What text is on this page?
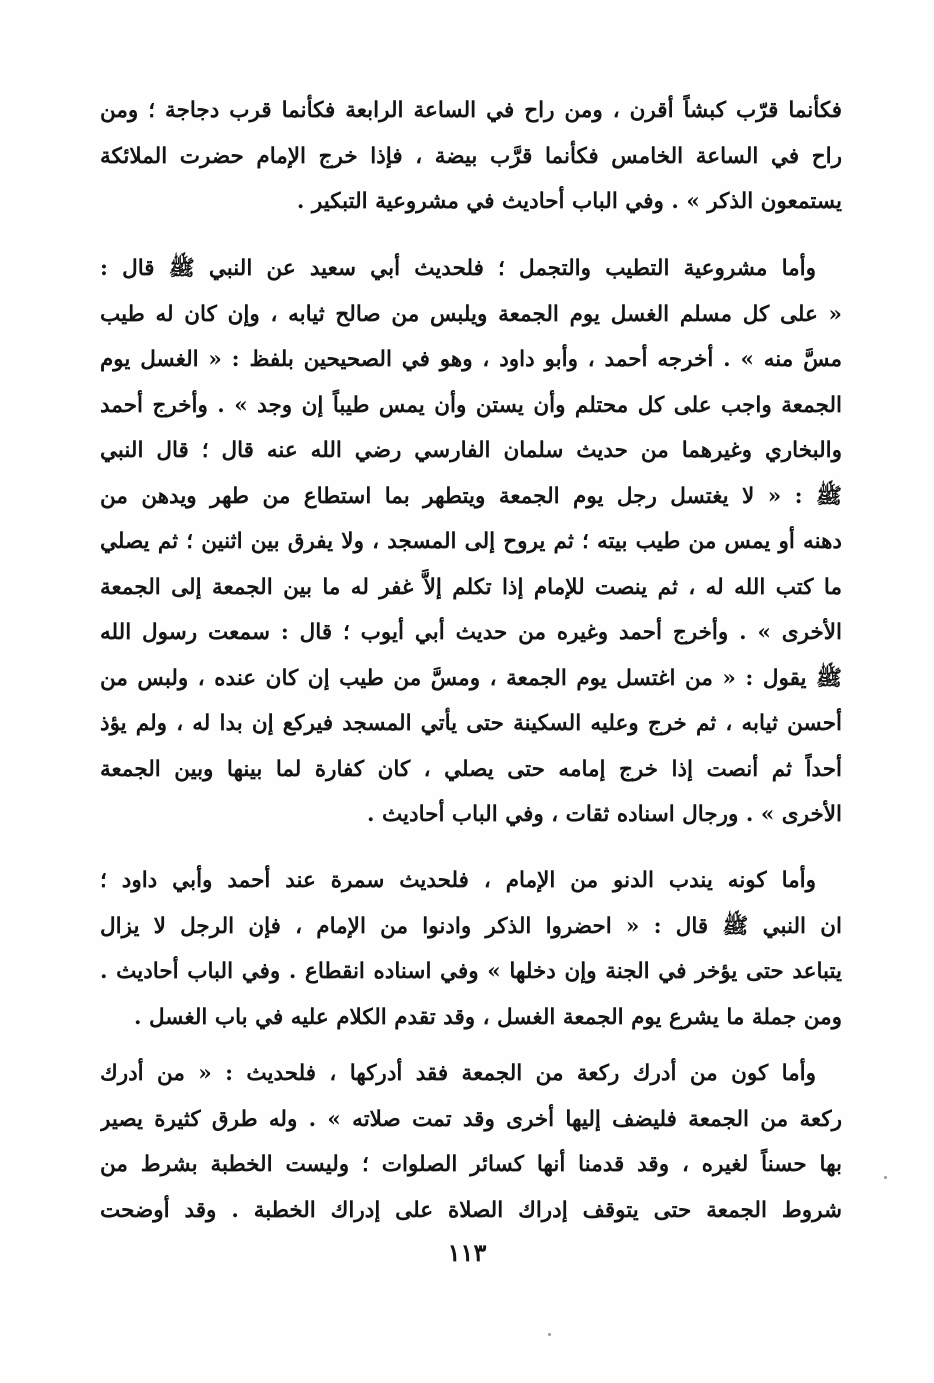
فكأنما قرّب كبشاً أقرن ، ومن راح في الساعة الرابعة فكأنما قرب دجاجة ؛ ومن
راح في الساعة الخامس فكأنما قرَّب بيضة ، فإذا خرج الإمام حضرت الملائكة
يستمعون الذكر » . وفي الباب أحاديث في مشروعية التبكير .
وأما مشروعية التطيب والتجمل ؛ فلحديث أبي سعيد عن النبي ﷺ قال :
« على كل مسلم الغسل يوم الجمعة ويلبس من صالح ثيابه ، وإن كان له طيب
مسَّ منه » . أخرجه أحمد ، وأبو داود ، وهو في الصحيحين بلفظ : « الغسل يوم
الجمعة واجب على كل محتلم وأن يستن وأن يمس طيباً إن وجد » . وأخرج أحمد
والبخاري وغيرهما من حديث سلمان الفارسي رضي الله عنه قال ؛ قال النبي
ﷺ : « لا يغتسل رجل يوم الجمعة ويتطهر بما استطاع من طهر ويدهن من
دهنه أو يمس من طيب بيته ؛ ثم يروح إلى المسجد ، ولا يفرق بين اثنين ؛ ثم يصلي
ما كتب الله له ، ثم ينصت للإمام إذا تكلم إلاَّ غفر له ما بين الجمعة إلى الجمعة
الأخرى » . وأخرج أحمد وغيره من حديث أبي أيوب ؛ قال : سمعت رسول الله
ﷺ يقول : « من اغتسل يوم الجمعة ، ومسَّ من طيب إن كان عنده ، ولبس من
أحسن ثيابه ، ثم خرج وعليه السكينة حتى يأتي المسجد فيركع إن بدا له ، ولم يؤذ
أحداً ثم أنصت إذا خرج إمامه حتى يصلي ، كان كفارة لما بينها وبين الجمعة
الأخرى » . ورجال اسناده ثقات ، وفي الباب أحاديث .
وأما كونه يندب الدنو من الإمام ، فلحديث سمرة عند أحمد وأبي داود ؛
ان النبي ﷺ قال : « احضروا الذكر وادنوا من الإمام ، فإن الرجل لا يزال
يتباعد حتى يؤخر في الجنة وإن دخلها » وفي اسناده انقطاع . وفي الباب أحاديث .
ومن جملة ما يشرع يوم الجمعة الغسل ، وقد تقدم الكلام عليه في باب الغسل .
وأما كون من أدرك ركعة من الجمعة فقد أدركها ، فلحديث : « من أدرك
ركعة من الجمعة فليضف إليها أخرى وقد تمت صلاته » . وله طرق كثيرة يصير
بها حسناً لغيره ، وقد قدمنا أنها كسائر الصلوات ؛ وليست الخطبة بشرط من
شروط الجمعة حتى يتوقف إدراك الصلاة على إدراك الخطبة . وقد أوضحت
١١٣
